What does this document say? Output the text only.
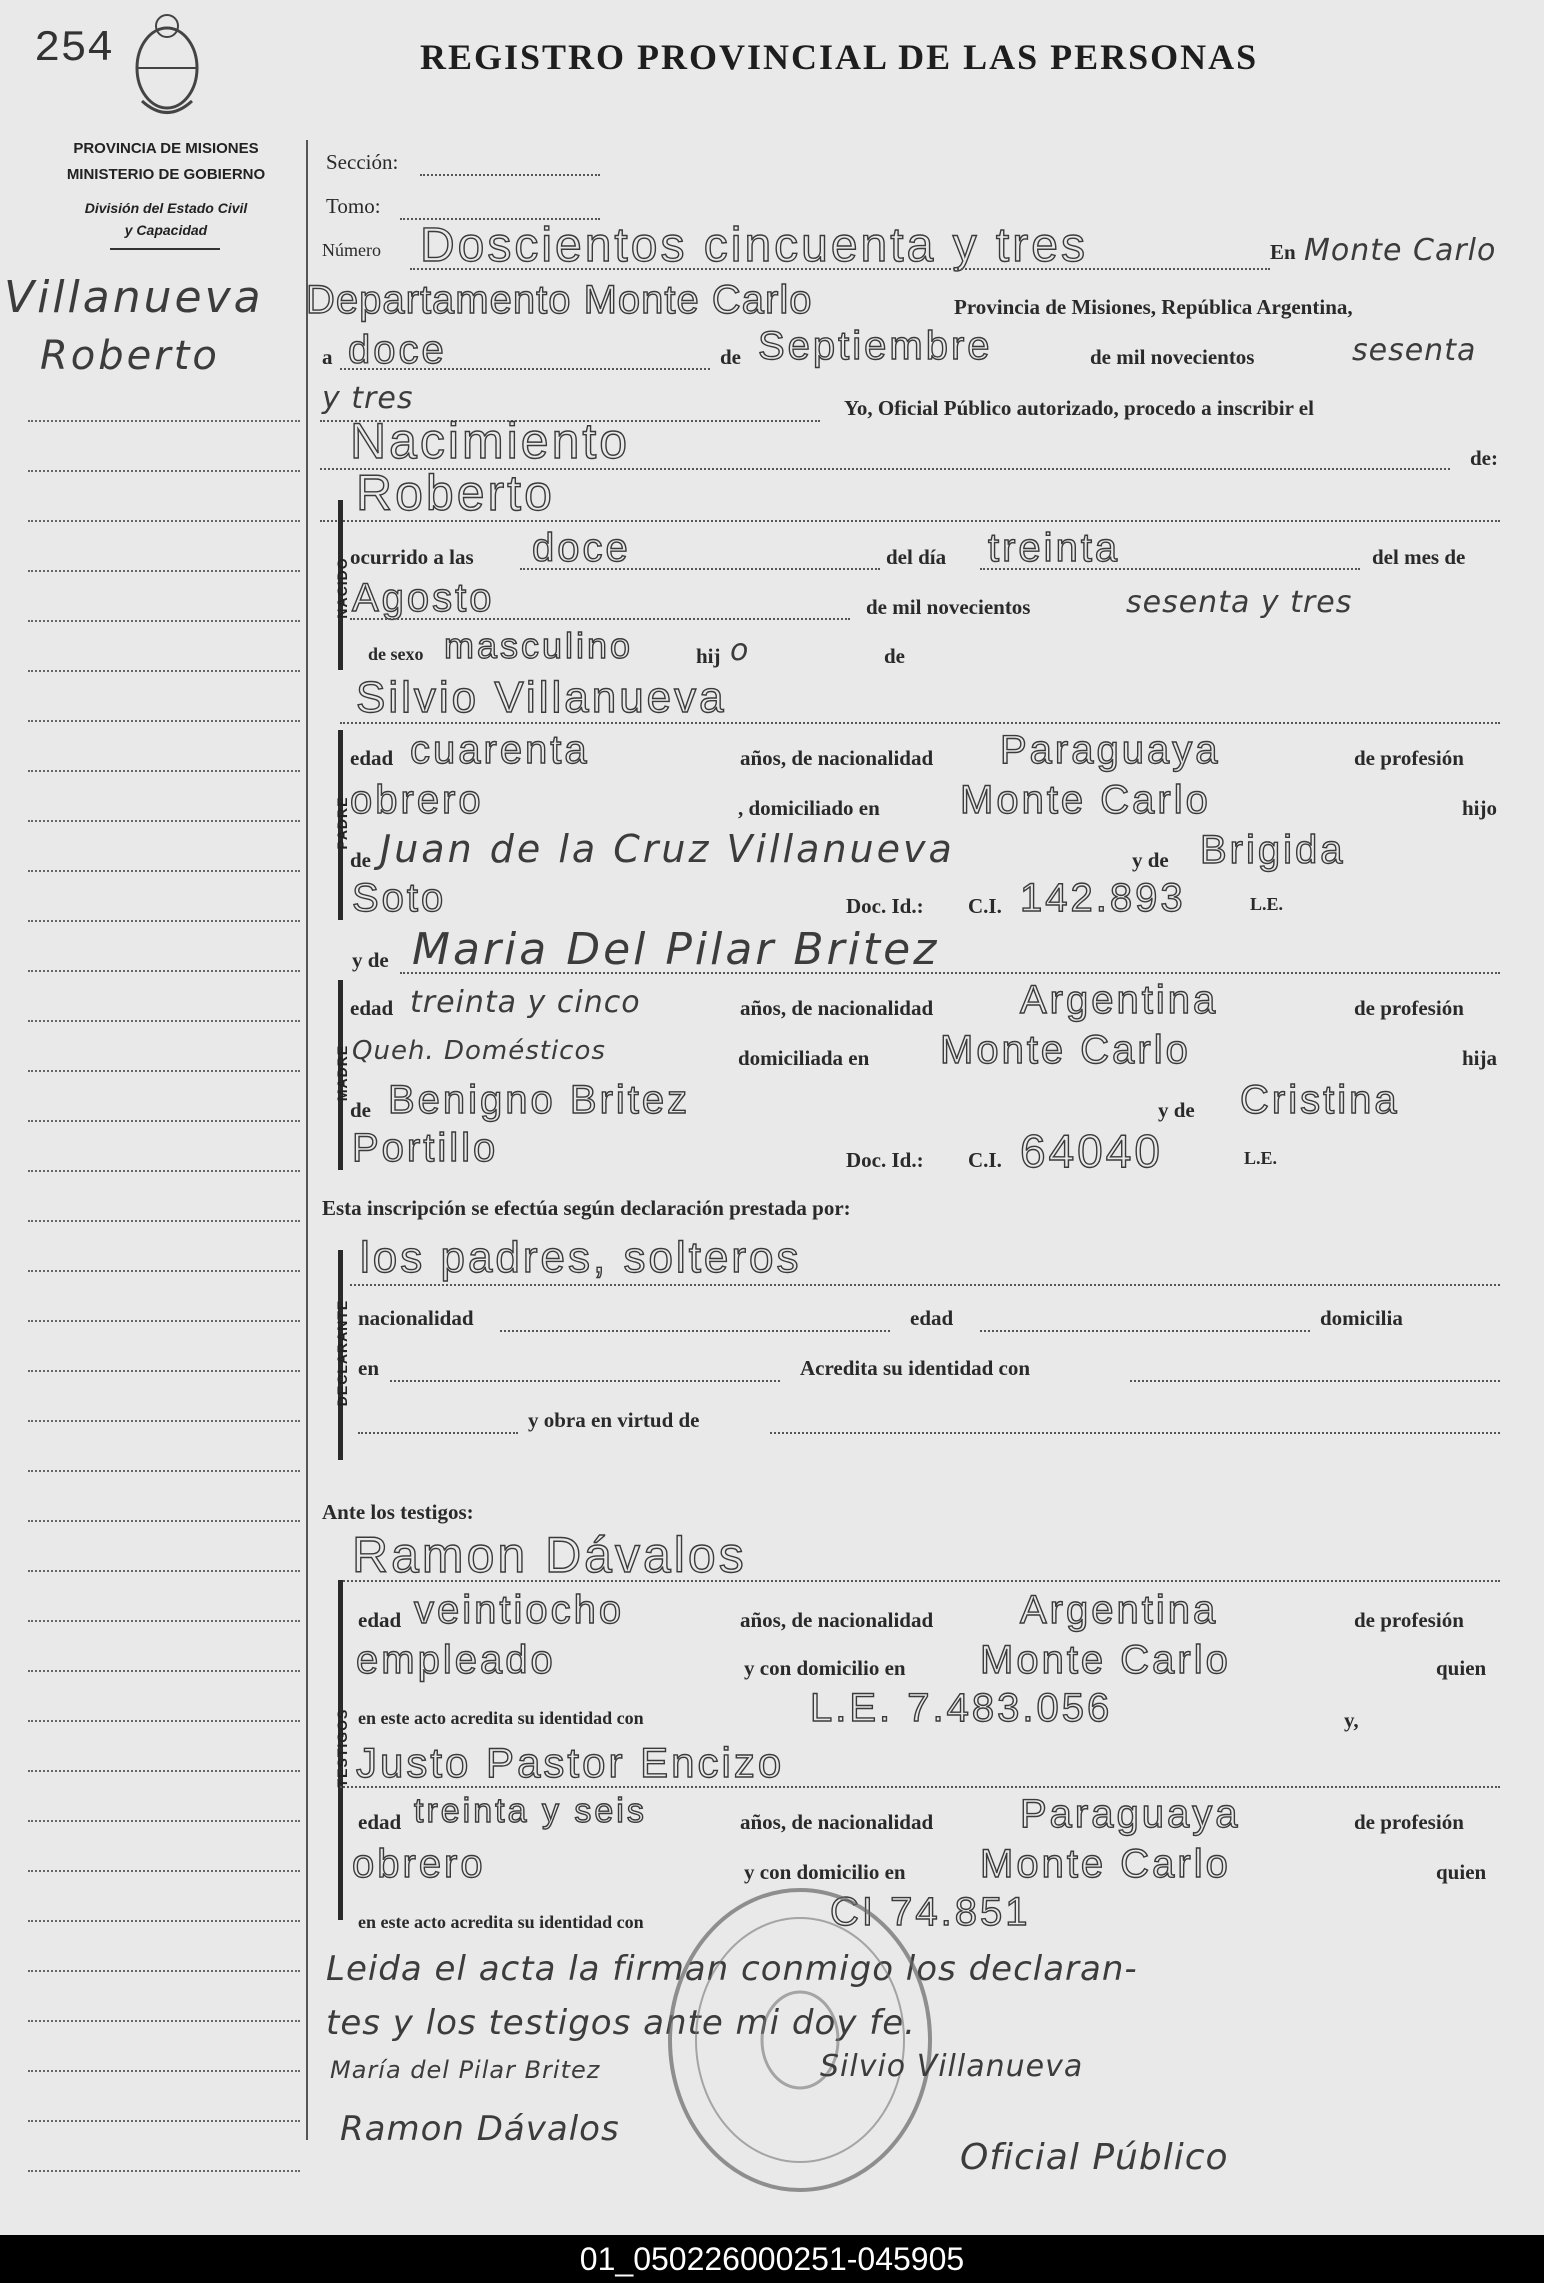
254	REGISTRO PROVINCIAL DE LAS PERSONAS
PROVINCIA DE MISIONES
MINISTERIO DE GOBIERNO
División del Estado Civil
y Capacidad
Villanueva
Roberto
Sección:
Tomo:
Número Doscientos cincuenta y tres	En Monte Carlo
Departamento Monte Carlo	Provincia de Misiones, República Argentina,
a doce	de Septiembre	de mil novecientos	sesenta
y tres	Yo, Oficial Público autorizado, procedo a inscribir el
Nacimiento	de:
Roberto
NACIDO
ocurrido a las doce	del día treinta	del mes de
Agosto	de mil novecientos	sesenta y tres
de sexo masculino	hij o	de
Silvio Villanueva
PADRE
edad cuarenta	años, de nacionalidad Paraguaya	de profesión
obrero	, domiciliado en Monte Carlo	hijo
de Juan de la Cruz Villanueva	y de Brigida
Soto	Doc. Id.: C.I. 142.893	L.E.
y de Maria Del Pilar Britez
MADRE
edad treinta y cinco	años, de nacionalidad Argentina	de profesión
Queh. Domésticos	domiciliada en Monte Carlo	hija
de Benigno Britez	y de Cristina
Portillo	Doc. Id.: C.I. 64040	L.E.
Esta inscripción se efectúa según declaración prestada por:
los padres, solteros
DECLARANTE nacionalidad	edad	domicilia
en	Acredita su identidad con
y obra en virtud de
Ante los testigos:
Ramon Dávalos
TESTIGOS
edad veintiocho	años, de nacionalidad Argentina	de profesión
empleado	y con domicilio en Monte Carlo	quien
en este acto acredita su identidad con	L.E. 7.483.056	y,
Justo Pastor Encizo
edad treinta y seis	años, de nacionalidad Paraguaya	de profesión
obrero	y con domicilio en Monte Carlo	quien
en este acto acredita su identidad con	CI 74.851
Leida el acta la firman conmigo los declaran-
tes y los testigos ante mi doy fe.
María del Pilar Britez	Silvio Villanueva
Ramon Dávalos
Oficial Público
01_050226000251-045905
